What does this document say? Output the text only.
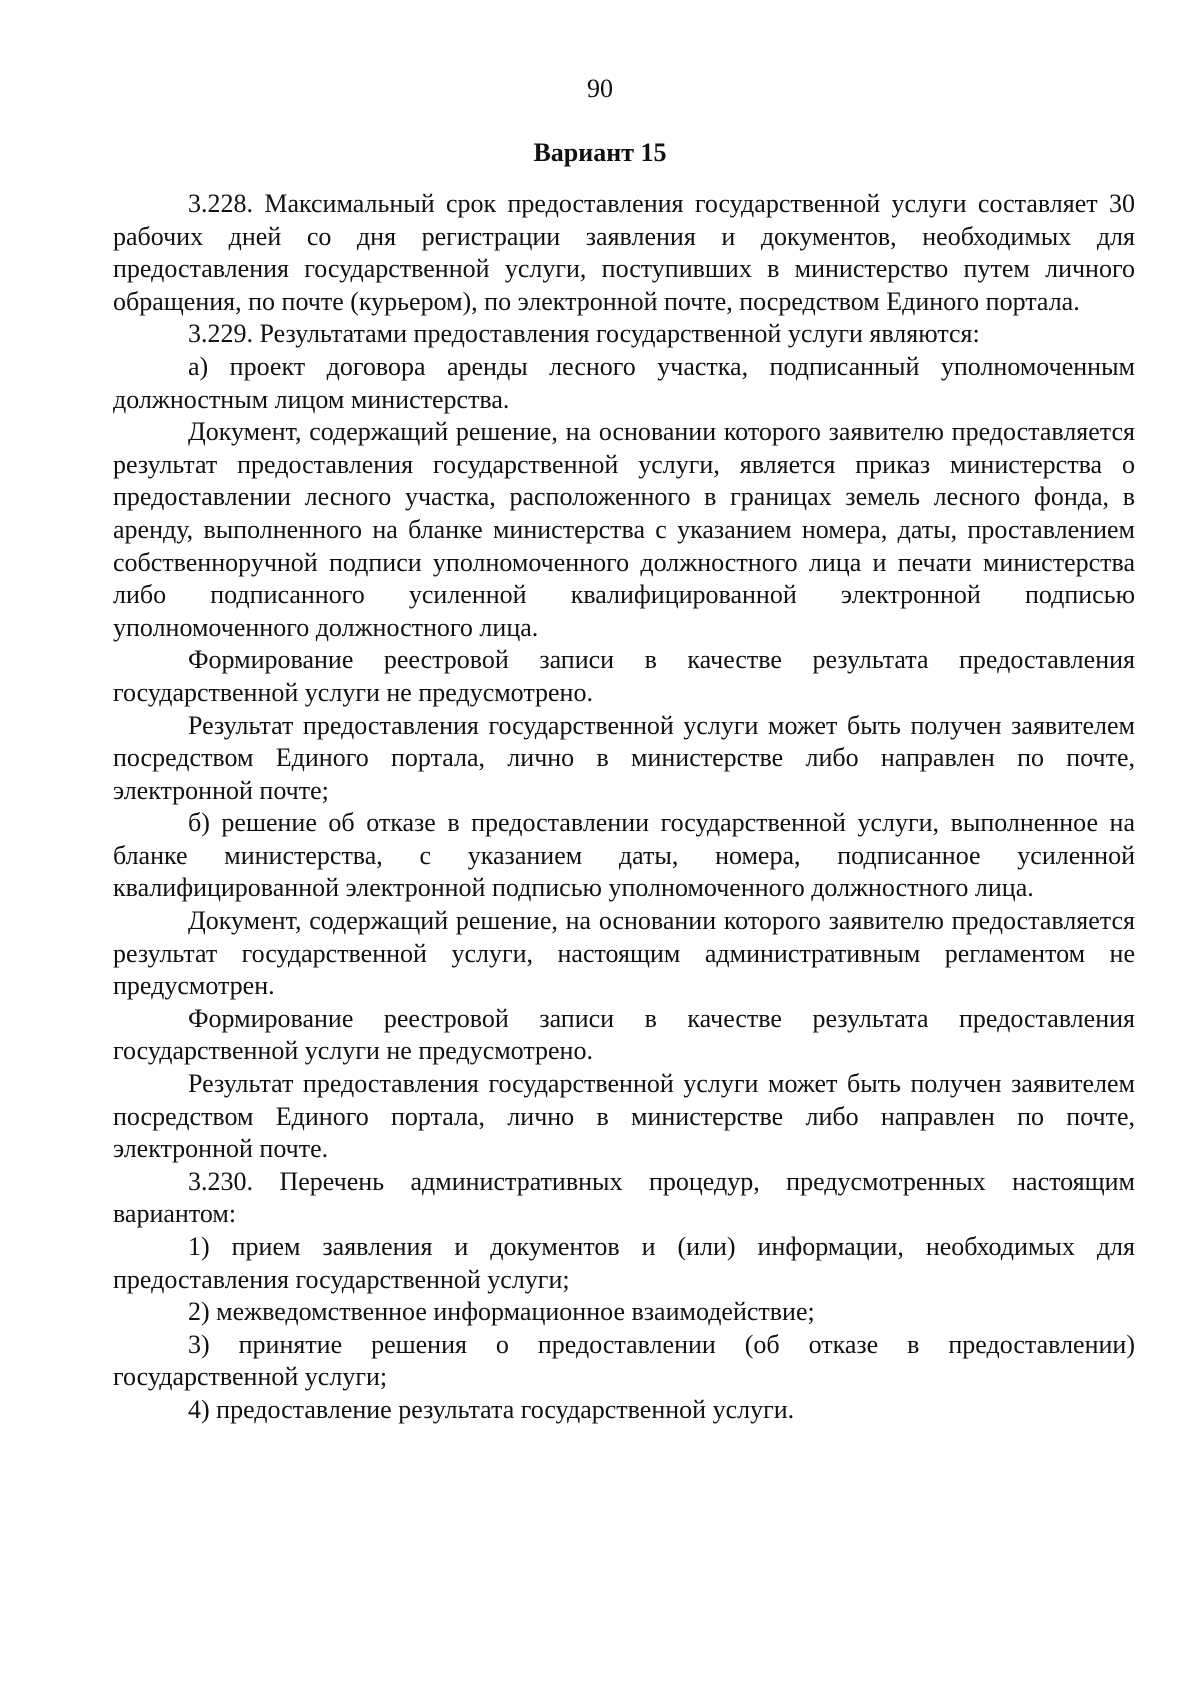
90
Вариант 15

3.228. Максимальный срок предоставления государственной услуги составляет 30 рабочих дней со дня регистрации заявления и документов, необходимых для предоставления государственной услуги, поступивших в министерство путем личного обращения, по почте (курьером), по электронной почте, посредством Единого портала.

3.229. Результатами предоставления государственной услуги являются:

а) проект договора аренды лесного участка, подписанный уполномоченным должностным лицом министерства.

Документ, содержащий решение, на основании которого заявителю предоставляется результат предоставления государственной услуги, является приказ министерства о предоставлении лесного участка, расположенного в границах земель лесного фонда, в аренду, выполненного на бланке министерства с указанием номера, даты, проставлением собственноручной подписи уполномоченного должностного лица и печати министерства либо подписанного усиленной квалифицированной электронной подписью уполномоченного должностного лица.

Формирование реестровой записи в качестве результата предоставления государственной услуги не предусмотрено.

Результат предоставления государственной услуги может быть получен заявителем посредством Единого портала, лично в министерстве либо направлен по почте, электронной почте;

б) решение об отказе в предоставлении государственной услуги, выполненное на бланке министерства, с указанием даты, номера, подписанное усиленной квалифицированной электронной подписью уполномоченного должностного лица.

Документ, содержащий решение, на основании которого заявителю предоставляется результат государственной услуги, настоящим административным регламентом не предусмотрен.

Формирование реестровой записи в качестве результата предоставления государственной услуги не предусмотрено.

Результат предоставления государственной услуги может быть получен заявителем посредством Единого портала, лично в министерстве либо направлен по почте, электронной почте.

3.230. Перечень административных процедур, предусмотренных настоящим вариантом:

1) прием заявления и документов и (или) информации, необходимых для предоставления государственной услуги;

2) межведомственное информационное взаимодействие;

3) принятие решения о предоставлении (об отказе в предоставлении) государственной услуги;

4) предоставление результата государственной услуги.
